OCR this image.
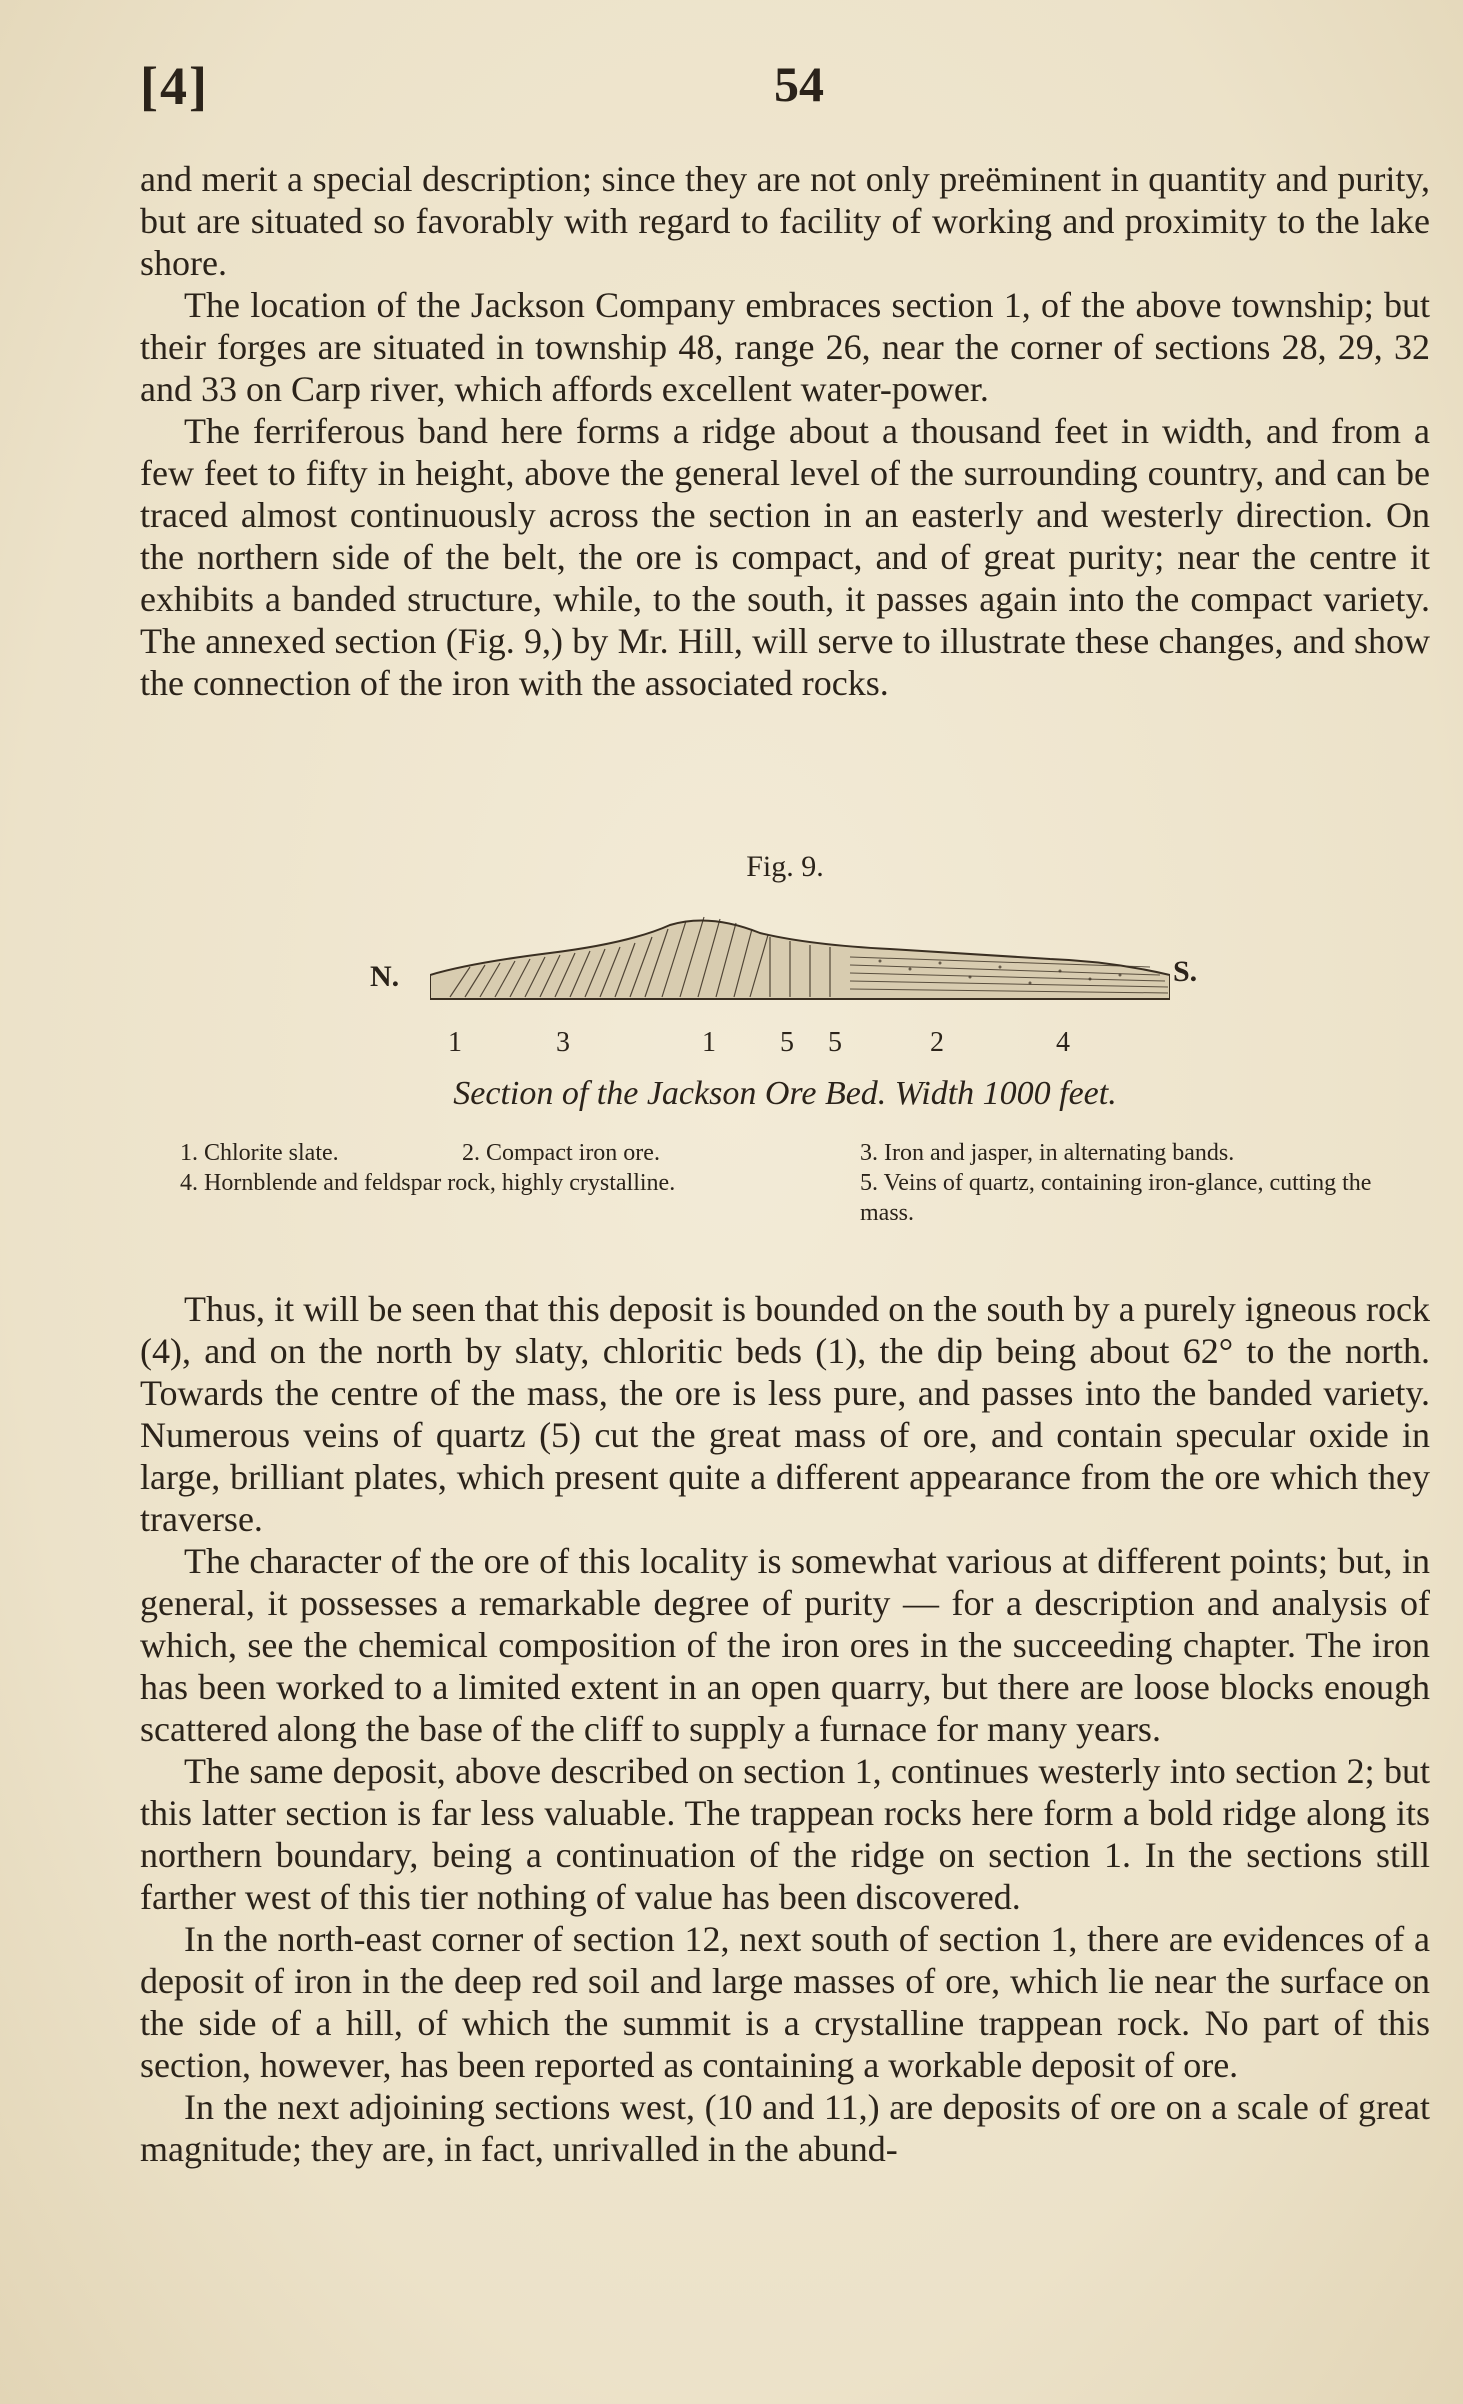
[4]	54

and merit a special description; since they are not only preëminent in quantity and purity, but are situated so favorably with regard to facility of working and proximity to the lake shore.

The location of the Jackson Company embraces section 1, of the above township; but their forges are situated in township 48, range 26, near the corner of sections 28, 29, 32 and 33 on Carp river, which affords excellent water-power.

The ferriferous band here forms a ridge about a thousand feet in width, and from a few feet to fifty in height, above the general level of the surrounding country, and can be traced almost continuously across the section in an easterly and westerly direction. On the northern side of the belt, the ore is compact, and of great purity; near the centre it exhibits a banded structure, while, to the south, it passes again into the compact variety. The annexed section (Fig. 9,) by Mr. Hill, will serve to illustrate these changes, and show the connection of the iron with the associated rocks.

Fig. 9.
N.	S.
1	3	1 5 5	2	4
Section of the Jackson Ore Bed. Width 1000 feet.
1. Chlorite slate.	2. Compact iron ore.	3. Iron and jasper, in alternating bands.
4. Hornblende and feldspar rock, highly crystalline.	5. Veins of quartz, containing iron-glance, cutting the mass.

Thus, it will be seen that this deposit is bounded on the south by a purely igneous rock (4), and on the north by slaty, chloritic beds (1), the dip being about 62° to the north. Towards the centre of the mass, the ore is less pure, and passes into the banded variety. Numerous veins of quartz (5) cut the great mass of ore, and contain specular oxide in large, brilliant plates, which present quite a different appearance from the ore which they traverse.

The character of the ore of this locality is somewhat various at different points; but, in general, it possesses a remarkable degree of purity — for a description and analysis of which, see the chemical composition of the iron ores in the succeeding chapter. The iron has been worked to a limited extent in an open quarry, but there are loose blocks enough scattered along the base of the cliff to supply a furnace for many years.

The same deposit, above described on section 1, continues westerly into section 2; but this latter section is far less valuable. The trappean rocks here form a bold ridge along its northern boundary, being a continuation of the ridge on section 1. In the sections still farther west of this tier nothing of value has been discovered.

In the north-east corner of section 12, next south of section 1, there are evidences of a deposit of iron in the deep red soil and large masses of ore, which lie near the surface on the side of a hill, of which the summit is a crystalline trappean rock. No part of this section, however, has been reported as containing a workable deposit of ore.

In the next adjoining sections west, (10 and 11,) are deposits of ore on a scale of great magnitude; they are, in fact, unrivalled in the abund-
